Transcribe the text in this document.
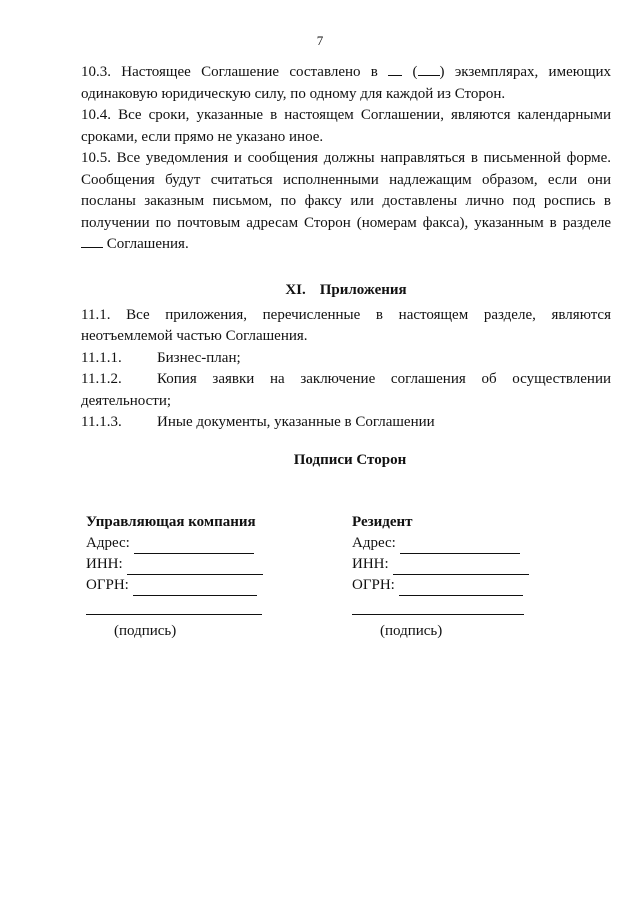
7

10.3. Настоящее Соглашение составлено в ( ) экземплярах, имеющих одинаковую юридическую силу, по одному для каждой из Сторон.

10.4. Все сроки, указанные в настоящем Соглашении, являются календарными сроками, если прямо не указано иное.

10.5. Все уведомления и сообщения должны направляться в письменной форме. Сообщения будут считаться исполненными надлежащим образом, если они посланы заказным письмом, по факсу или доставлены лично под роспись в получении по почтовым адресам Сторон (номерам факса), указанным в разделе  Соглашения.

XI. Приложения

11.1. Все приложения, перечисленные в настоящем разделе, являются неотъемлемой частью Соглашения.

11.1.1.	Бизнес-план;
11.1.2.	Копия заявки на заключение соглашения об осуществлении
деятельности;
11.1.3.	Иные документы, указанные в Соглашении
Подписи Сторон
Управляющая компания
Адрес:
ИНН:
ОГРН:
(подпись)
Резидент
Адрес:
ИНН:
ОГРН:
(подпись)
